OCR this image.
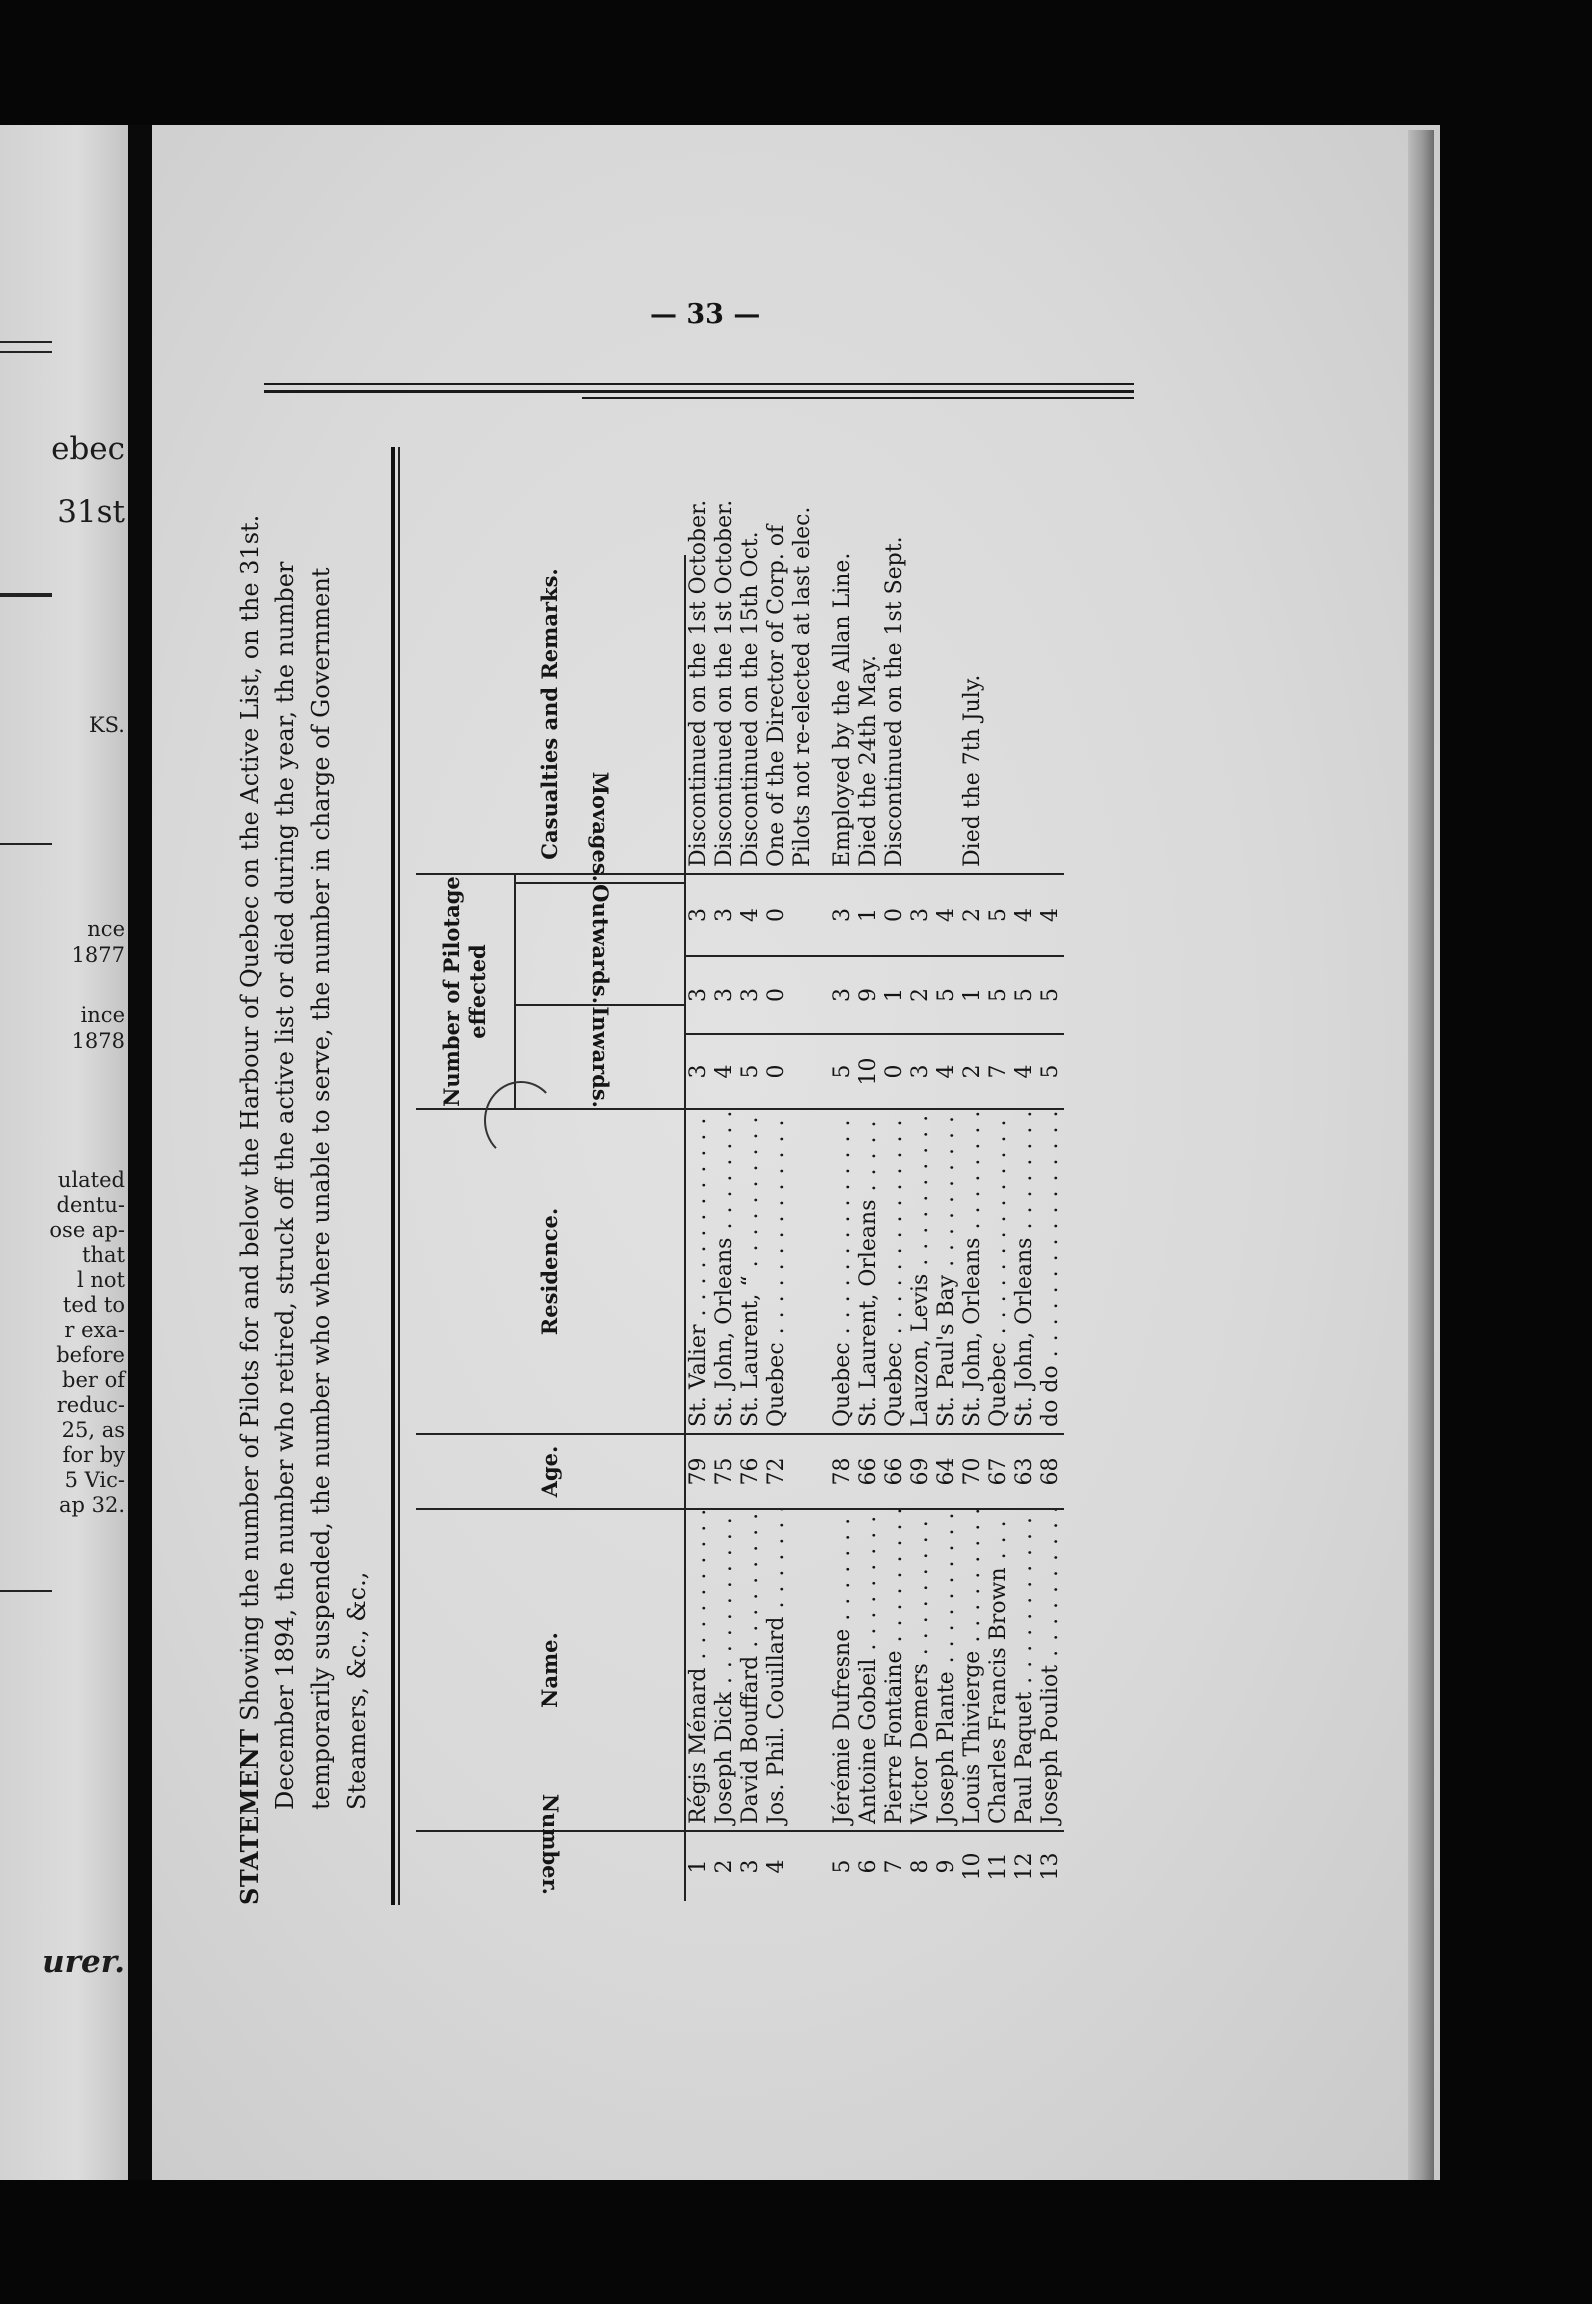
ebec
31st
KS.
nce
1877
ince
1878
ulated
dentu-
ose ap-
that
l not
ted to
r exa-
before
ber of
reduc-
25, as
for by
5 Vic-
ap 32.
urer.
— 33 —
STATEMENT Showing the number of Pilots for and below the Harbour of Quebec on the Active List, on the 31st. December 1894, the number who retired, struck off the active list or died during the year, the number temporarily suspended, the number who where unable to serve, the number in charge of Government Steamers, &c., &c.,
Number.	Name.	Age.	Residence.	Number of Pilotage effected
Inwards.
Outwards.
Movages.			Casualties and Remarks.
1	Régis Ménard . . .	79	St. Valier . . .	3	3	3	Discontinued on the 1st October.
2	Joseph Dick . . .	75	St. John, Orleans . . .	4	3	3	Discontinued on the 1st October.
3	David Bouffard . . .	76	St. Laurent, “ . . .	5	3	4	Discontinued on the 15th Oct.
4	Jos. Phil. Couillard . . .	72	Quebec . . .	0	0	0	One of the Director of Corp. of
							Pilots not re-elected at last elec.
5	Jérémie Dufresne . . .	78	Quebec . . .	5	3	3	Employed by the Allan Line.
6	Antoine Gobeil . . .	66	St. Laurent, Orleans . . .	10	9	1	Died the 24th May.
7	Pierre Fontaine . . .	66	Quebec . . .	0	1	0	Discontinued on the 1st Sept.
8	Victor Demers . . .	69	Lauzon, Levis . . .	3	2	3	
9	Joseph Plante . . .	64	St. Paul's Bay . . .	4	5	4	
10	Louis Thivierge . . .	70	St. John, Orleans . . .	2	1	2	Died the 7th July.
11	Charles Francis Brown . . .	67	Quebec . . .	7	5	5	
12	Paul Paquet . . .	63	St. John, Orleans . . .	4	5	4	
13	Joseph Pouliot . . .	68	do do . . .	5	5	4	
